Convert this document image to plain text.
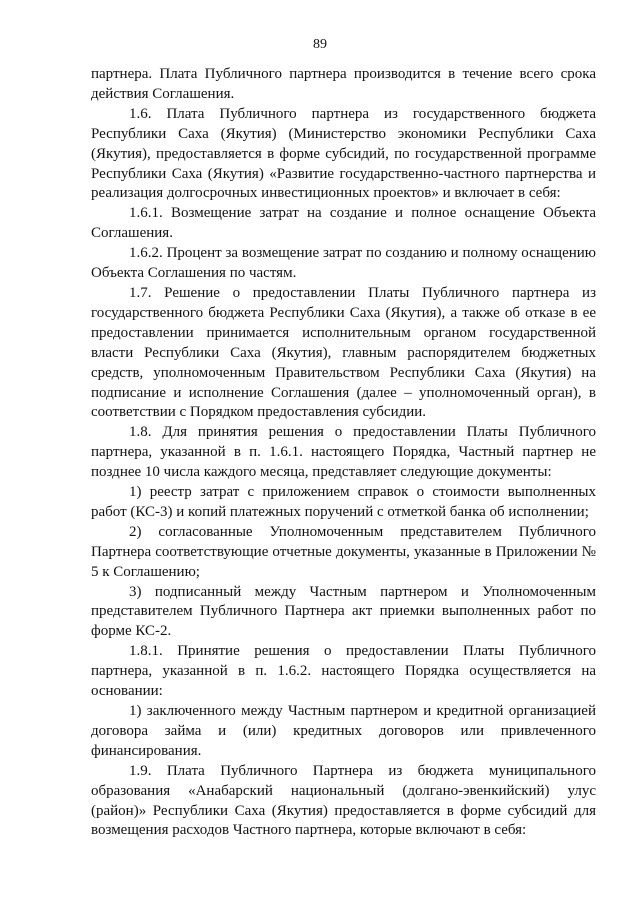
89

партнера. Плата Публичного партнера производится в течение всего срока действия Соглашения.

1.6. Плата Публичного партнера из государственного бюджета Республики Саха (Якутия) (Министерство экономики Республики Саха (Якутия), предоставляется в форме субсидий, по государственной программе Республики Саха (Якутия) «Развитие государственно-частного партнерства и реализация долгосрочных инвестиционных проектов» и включает в себя:

1.6.1. Возмещение затрат на создание и полное оснащение Объекта Соглашения.

1.6.2. Процент за возмещение затрат по созданию и полному оснащению Объекта Соглашения по частям.

1.7. Решение о предоставлении Платы Публичного партнера из государственного бюджета Республики Саха (Якутия), а также об отказе в ее предоставлении принимается исполнительным органом государственной власти Республики Саха (Якутия), главным распорядителем бюджетных средств, уполномоченным Правительством Республики Саха (Якутия) на подписание и исполнение Соглашения (далее – уполномоченный орган), в соответствии с Порядком предоставления субсидии.

1.8. Для принятия решения о предоставлении Платы Публичного партнера, указанной в п. 1.6.1. настоящего Порядка, Частный партнер не позднее 10 числа каждого месяца, представляет следующие документы:

1) реестр затрат с приложением справок о стоимости выполненных работ (КС-3) и копий платежных поручений с отметкой банка об исполнении;

2) согласованные Уполномоченным представителем Публичного Партнера соответствующие отчетные документы, указанные в Приложении № 5 к Соглашению;

3) подписанный между Частным партнером и Уполномоченным представителем Публичного Партнера акт приемки выполненных работ по форме КС-2.

1.8.1. Принятие решения о предоставлении Платы Публичного партнера, указанной в п. 1.6.2. настоящего Порядка осуществляется на основании:

1) заключенного между Частным партнером и кредитной организацией договора займа и (или) кредитных договоров или привлеченного финансирования.

1.9. Плата Публичного Партнера из бюджета муниципального образования «Анабарский национальный (долгано-эвенкийский) улус (район)» Республики Саха (Якутия) предоставляется в форме субсидий для возмещения расходов Частного партнера, которые включают в себя:
